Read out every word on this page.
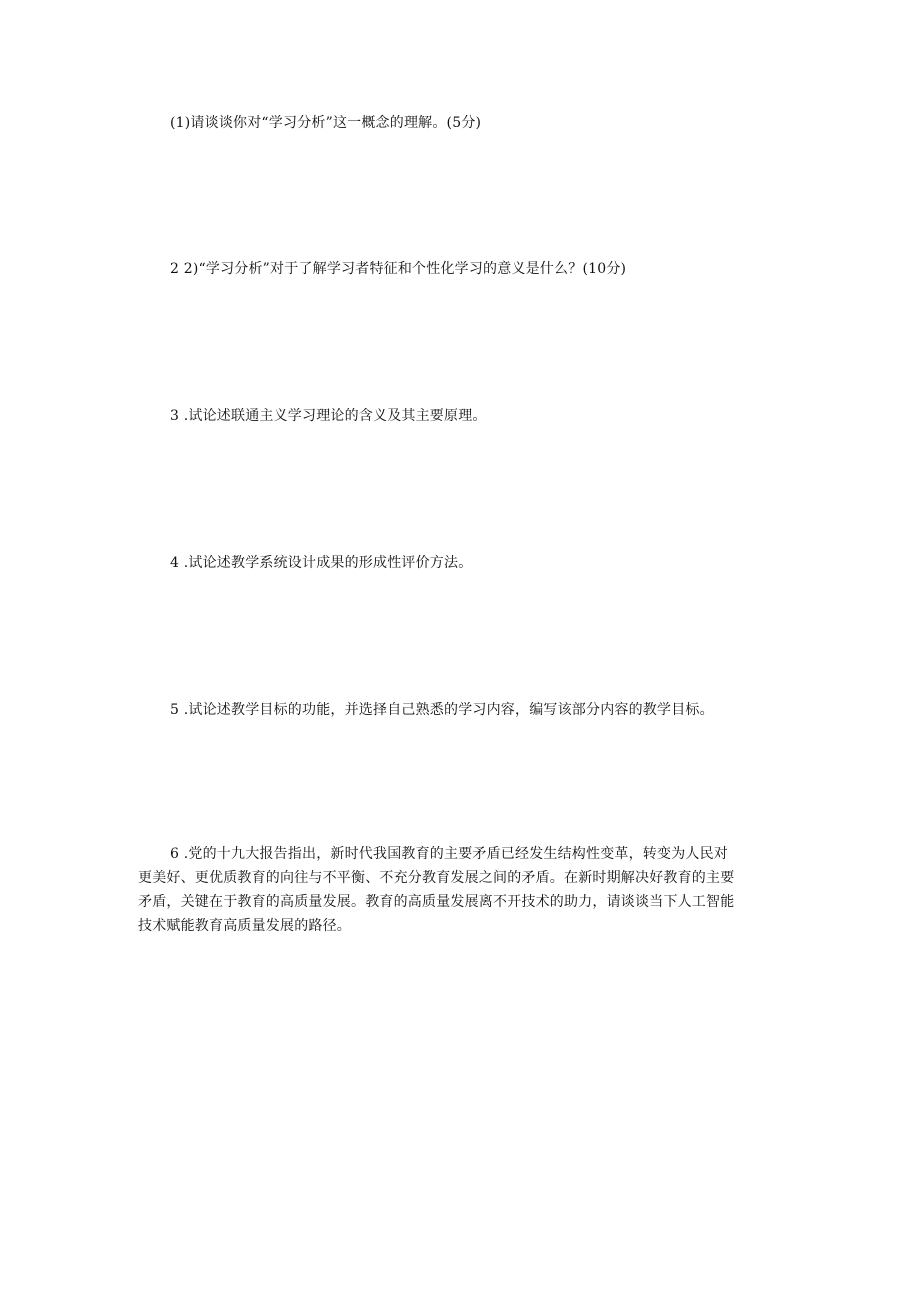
(1)请谈谈你对“学习分析”这一概念的理解。(5分)
2 2)“学习分析”对于了解学习者特征和个性化学习的意义是什么？(10分)
3 .试论述联通主义学习理论的含义及其主要原理。
4 .试论述教学系统设计成果的形成性评价方法。
5 .试论述教学目标的功能，并选择自己熟悉的学习内容，编写该部分内容的教学目标。
6 .党的十九大报告指出，新时代我国教育的主要矛盾已经发生结构性变革，转变为人民对
更美好、更优质教育的向往与不平衡、不充分教育发展之间的矛盾。在新时期解决好教育的主要
矛盾，关键在于教育的高质量发展。教育的高质量发展离不开技术的助力，请谈谈当下人工智能
技术赋能教育高质量发展的路径。
